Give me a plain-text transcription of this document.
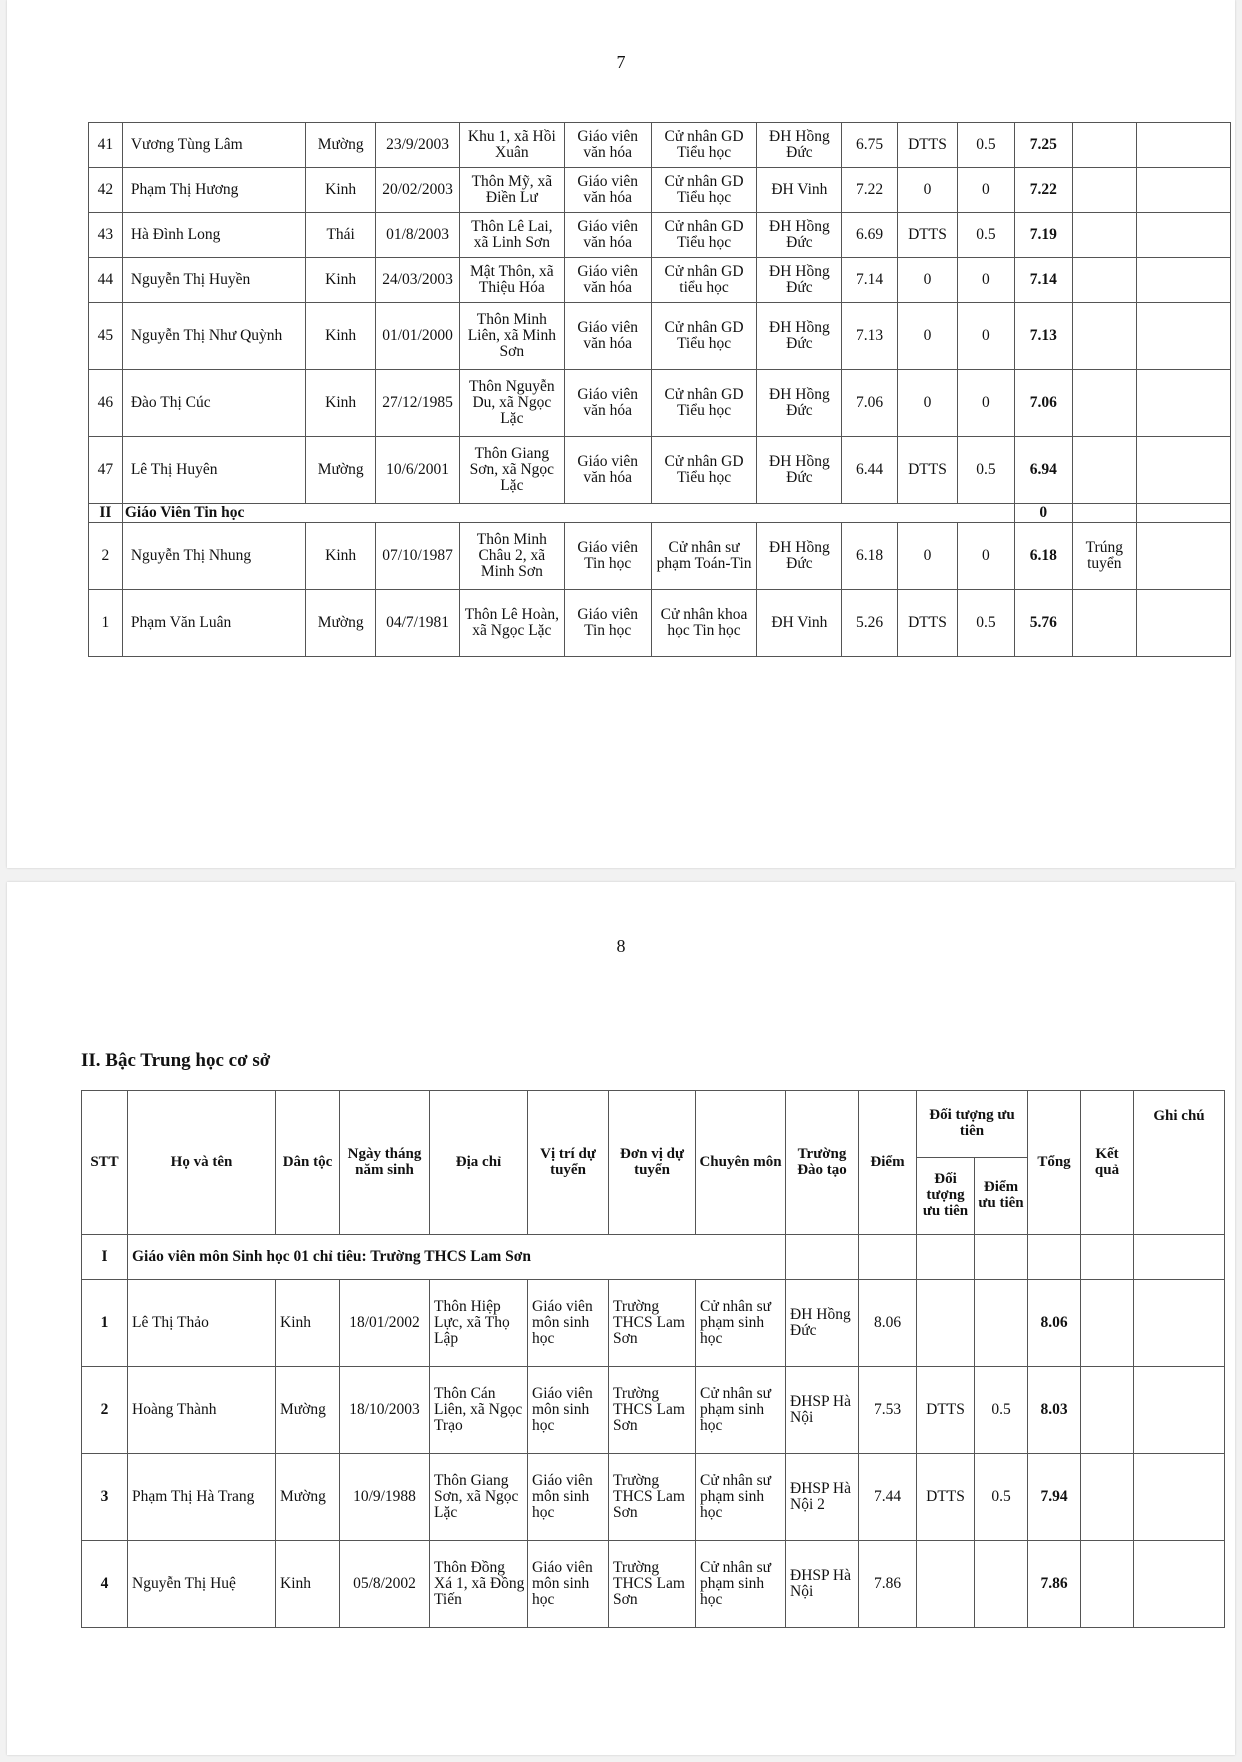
7
41	Vương Tùng Lâm	Mường	23/9/2003	Khu 1, xã Hồi Xuân	Giáo viên văn hóa	Cử nhân GD Tiểu học	ĐH Hồng Đức	6.75	DTTS	0.5	7.25		
42	Phạm Thị Hương	Kinh	20/02/2003	Thôn Mỹ, xã Điền Lư	Giáo viên văn hóa	Cử nhân GD Tiểu học	ĐH Vinh	7.22	0	0	7.22		
43	Hà Đình Long	Thái	01/8/2003	Thôn Lê Lai, xã Linh Sơn	Giáo viên văn hóa	Cử nhân GD Tiểu học	ĐH Hồng Đức	6.69	DTTS	0.5	7.19		
44	Nguyễn Thị Huyền	Kinh	24/03/2003	Mật Thôn, xã Thiệu Hóa	Giáo viên văn hóa	Cử nhân GD tiểu học	ĐH Hồng Đức	7.14	0	0	7.14		
45	Nguyễn Thị Như Quỳnh	Kinh	01/01/2000	Thôn Minh Liên, xã Minh Sơn	Giáo viên văn hóa	Cử nhân GD Tiểu học	ĐH Hồng Đức	7.13	0	0	7.13		
46	Đào Thị Cúc	Kinh	27/12/1985	Thôn Nguyễn Du, xã Ngọc Lặc	Giáo viên văn hóa	Cử nhân GD Tiểu học	ĐH Hồng Đức	7.06	0	0	7.06		
47	Lê Thị Huyên	Mường	10/6/2001	Thôn Giang Sơn, xã Ngọc Lặc	Giáo viên văn hóa	Cử nhân GD Tiểu học	ĐH Hồng Đức	6.44	DTTS	0.5	6.94		
II	Giáo Viên Tin học										0		
2	Nguyễn Thị Nhung	Kinh	07/10/1987	Thôn Minh Châu 2, xã Minh Sơn	Giáo viên Tin học	Cử nhân sư phạm Toán-Tin	ĐH Hồng Đức	6.18	0	0	6.18	Trúng tuyển	
1	Phạm Văn Luân	Mường	04/7/1981	Thôn Lê Hoàn, xã Ngọc Lặc	Giáo viên Tin học	Cử nhân khoa học Tin học	ĐH Vinh	5.26	DTTS	0.5	5.76		
8
II. Bậc Trung học cơ sở
STT	Họ và tên	Dân tộc	Ngày tháng năm sinh	Địa chỉ	Vị trí dự tuyển	Đơn vị dự tuyển	Chuyên môn	Trường Đào tạo	Điểm	Đối tượng ưu tiên		Tổng	Kết quả	Ghi chú
										Đối tượng ưu tiên	Điểm ưu tiên			
I	Giáo viên môn Sinh học 01 chỉ tiêu: Trường THCS Lam Sơn													
1	Lê Thị Thảo	Kinh	18/01/2002	Thôn Hiệp Lực, xã Thọ Lập	Giáo viên môn sinh học	Trường THCS Lam Sơn	Cử nhân sư phạm sinh học	ĐH Hồng Đức	8.06			8.06		
2	Hoàng Thành	Mường	18/10/2003	Thôn Cán Liên, xã Ngọc Trạo	Giáo viên môn sinh học	Trường THCS Lam Sơn	Cử nhân sư phạm sinh học	ĐHSP Hà Nội	7.53	DTTS	0.5	8.03		
3	Phạm Thị Hà Trang	Mường	10/9/1988	Thôn Giang Sơn, xã Ngọc Lặc	Giáo viên môn sinh học	Trường THCS Lam Sơn	Cử nhân sư phạm sinh học	ĐHSP Hà Nội 2	7.44	DTTS	0.5	7.94		
4	Nguyễn Thị Huệ	Kinh	05/8/2002	Thôn Đồng Xá 1, xã Đồng Tiến	Giáo viên môn sinh học	Trường THCS Lam Sơn	Cử nhân sư phạm sinh học	ĐHSP Hà Nội	7.86			7.86		
